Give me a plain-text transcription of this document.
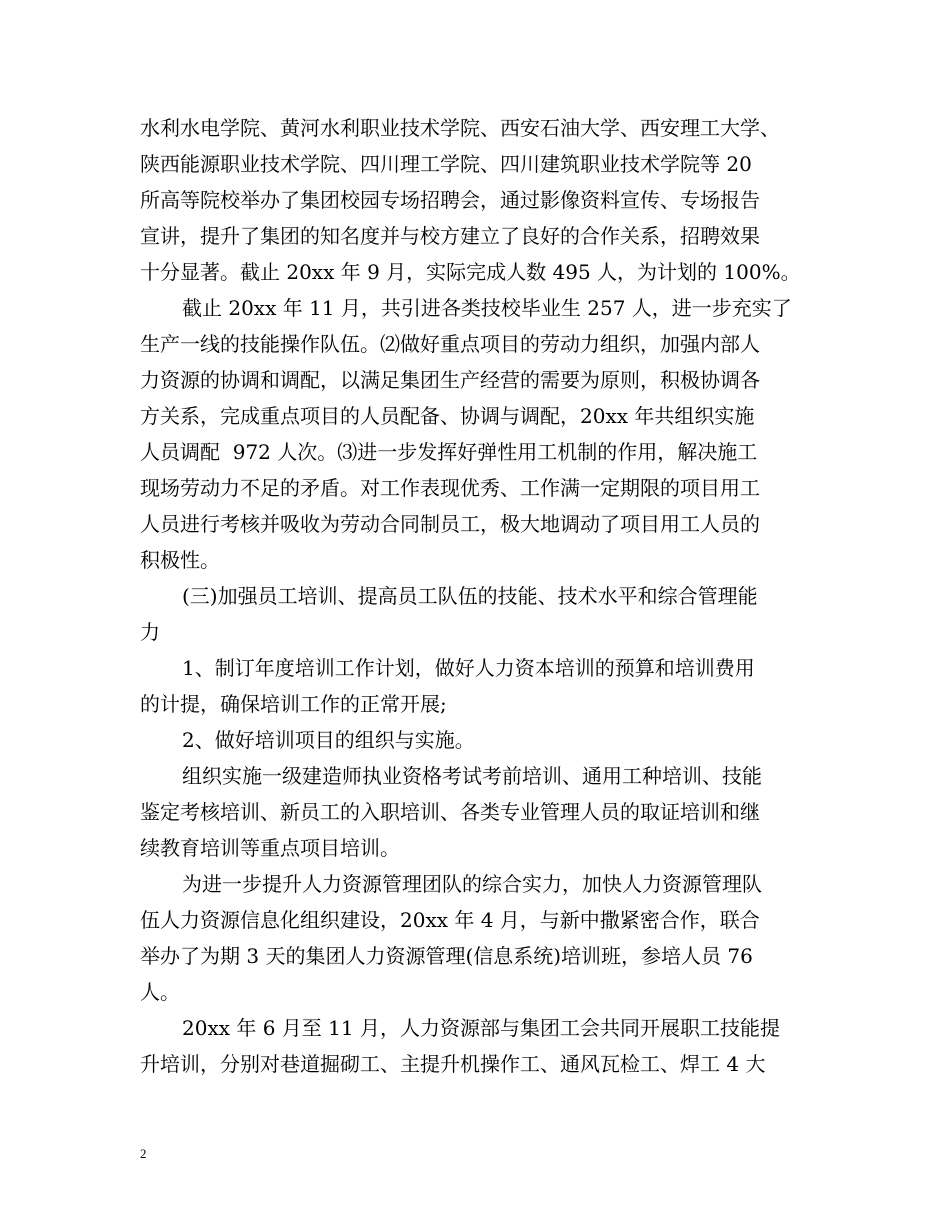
水利水电学院、黄河水利职业技术学院、西安石油大学、西安理工大学、
陕西能源职业技术学院、四川理工学院、四川建筑职业技术学院等 20
所高等院校举办了集团校园专场招聘会，通过影像资料宣传、专场报告
宣讲，提升了集团的知名度并与校方建立了良好的合作关系，招聘效果
十分显著。截止 20xx 年 9 月，实际完成人数 495 人，为计划的 100%。
截止 20xx 年 11 月，共引进各类技校毕业生 257 人，进一步充实了
生产一线的技能操作队伍。⑵做好重点项目的劳动力组织，加强内部人
力资源的协调和调配，以满足集团生产经营的需要为原则，积极协调各
方关系，完成重点项目的人员配备、协调与调配，20xx 年共组织实施
人员调配  972 人次。⑶进一步发挥好弹性用工机制的作用，解决施工
现场劳动力不足的矛盾。对工作表现优秀、工作满一定期限的项目用工
人员进行考核并吸收为劳动合同制员工，极大地调动了项目用工人员的
积极性。
(三)加强员工培训、提高员工队伍的技能、技术水平和综合管理能
力
1、制订年度培训工作计划，做好人力资本培训的预算和培训费用
的计提，确保培训工作的正常开展;
2、做好培训项目的组织与实施。
组织实施一级建造师执业资格考试考前培训、通用工种培训、技能
鉴定考核培训、新员工的入职培训、各类专业管理人员的取证培训和继
续教育培训等重点项目培训。
为进一步提升人力资源管理团队的综合实力，加快人力资源管理队
伍人力资源信息化组织建设，20xx 年 4 月，与新中撒紧密合作，联合
举办了为期 3 天的集团人力资源管理(信息系统)培训班，参培人员 76
人。
20xx 年 6 月至 11 月，人力资源部与集团工会共同开展职工技能提
升培训，分别对巷道掘砌工、主提升机操作工、通风瓦检工、焊工 4 大
2
